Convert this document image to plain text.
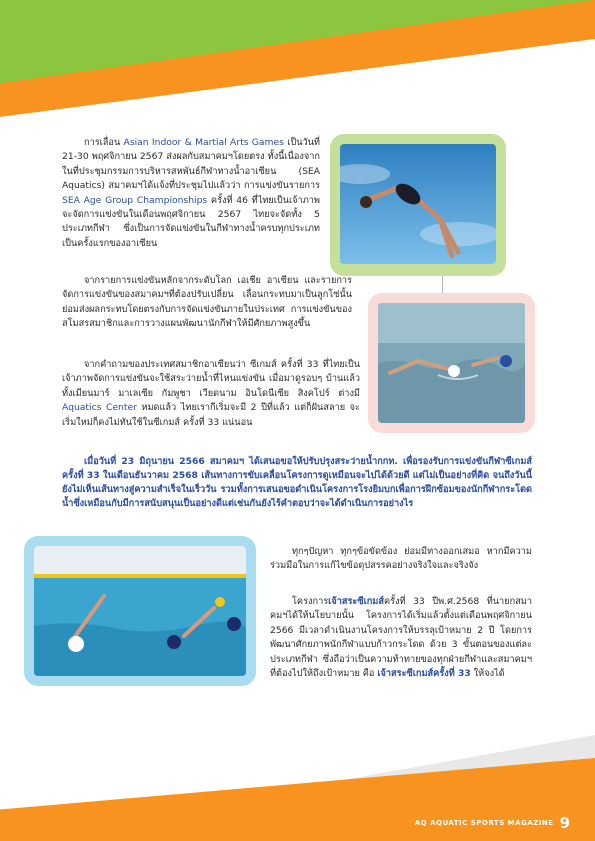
การเลื่อน Asian Indoor & Martial Arts Games เป็นวันที่ 21-30 พฤศจิกายน 2567 ส่งผลกับสมาคมฯโดยตรง ทั้งนี้เนื่องจากในที่ประชุมกรรมการบริหารสหพันธ์กีฬาทางน้ำอาเซียน (SEA Aquatics) สมาคมฯได้แจ้งที่ประชุมไปแล้วว่า การแข่งขันรายการ SEA Age Group Championships ครั้งที่ 46 ที่ไทยเป็นเจ้าภาพ จะจัดการแข่งขันในเดือนพฤศจิกายน 2567 ไทยจะจัดทั้ง 5 ประเภทกีฬา ซึ่งเป็นการจัดแข่งขันในกีฬาทางน้ำครบทุกประเภทเป็นครั้งแรกของอาเซียน

จากรายการแข่งขันหลักจากระดับโลก เอเชีย อาเซียน และรายการจัดการแข่งขันของสมาคมฯที่ต้องปรับเปลี่ยน เลื่อนกระทบมาเป็นลูกโซ่นั้น ย่อมส่งผลกระทบโดยตรงกับการจัดแข่งขันภายในประเทศ การแข่งขันของสโมสรสมาชิกและการวางแผนพัฒนานักกีฬาให้มีศักยภาพสูงขึ้น

จากคำถามของประเทศสมาชิกอาเซียนว่า ซีเกมส์ ครั้งที่ 33 ที่ไทยเป็นเจ้าภาพจัดการแข่งขันจะใช้สระว่ายน้ำที่ไหนแข่งขัน เมื่อมาดูรอบๆ บ้านแล้วทั้งเมียนมาร์ มาเลเซีย กัมพูชา เวียดนาม อินโดนีเซีย สิงคโปร์ ต่างมี Aquatics Center หมดแล้ว ไทยเรากีเริ่มจะมี 2 ปีที่แล้ว แต่ก็ฝันสลาย จะเริ่มใหม่ก็คงไม่ทันใช้ในซีเกมส์ ครั้งที่ 33 แน่นอน

เมื่อวันที่ 23 มิถุนายน 2566 สมาคมฯ ได้เสนอขอให้ปรับปรุงสระว่ายน้ำกกท. เพื่อรองรับการแข่งขันกีฬาซีเกมส์ ครั้งที่ 33 ในเดือนธันวาคม 2568 เส้นทางการขับเคลื่อนโครงการดูเหมือนจะไปได้ด้วยดี แต่ไม่เป็นอย่างที่คิด จนถึงวันนี้ยังไม่เห็นเส้นทางสู่ความสำเร็จในเร็ววัน รวมทั้งการเสนอขอดำเนินโครงการโรงยิมบกเพื่อการฝึกซ้อมของนักกีฬากระโดดน้ำซึ่งเหมือนกับมีการสนับสนุนเป็นอย่างดีแต่เช่นกันยังไร้คำตอบว่าจะได้ดำเนินการอย่างไร

ทุกๆปัญหา ทุกๆข้อขัดข้อง ย่อมมีทางออกเสมอ หากมีความร่วมมือในการแก้ไขข้อดุปสรรคอย่างจริงใจและจริงจัง

โครงการเจ้าสระซีเกมส์ครั้งที่ 33 ปีพ.ศ.2568 ที่นายกสมาคมฯได้ให้นโยบายนั้น โครงการได้เริ่มแล้วตั้งแต่เดือนพฤศจิกายน 2566 มีเวลาดำเนินงานโครงการให้บรรลุเป้าหมาย 2 ปี โดยการพัฒนาศักยภาพนักกีฬาแบบก้าวกระโดด ด้วย 3 ขั้นตอนของแต่ละประเภทกีฬา ซึ่งถือว่าเป็นความท้าทายของทุกฝ่ายกีฬาและสมาคมฯที่ต้องไปให้ถึงเป้าหมาย คือ เจ้าสระซีเกมส์ครั้งที่ 33 ให้จงได้

AQ AQUATIC SPORTS MAGAZINE 9
